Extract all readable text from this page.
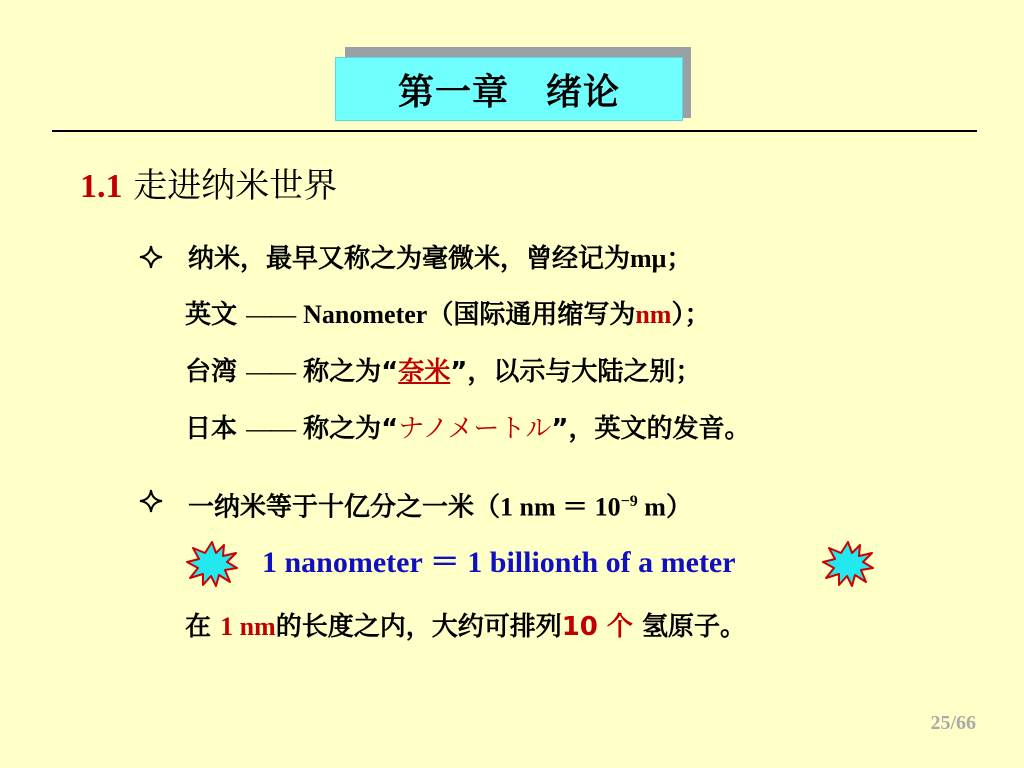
第一章　绪论
1.1 走进纳米世界
纳米，最早又称之为毫微米，曾经记为mμ；
英文 —— Nanometer（国际通用缩写为nm）；
台湾 —— 称之为“奈米”，以示与大陆之别；
日本 —— 称之为“ナノメートル”，英文的发音。
一纳米等于十亿分之一米（1 nm ＝ $10^{-9}$ m）
1 nanometer ＝ 1 billionth of a meter
在 1 nm的长度之内，大约可排列10 个 氢原子。
25/66
